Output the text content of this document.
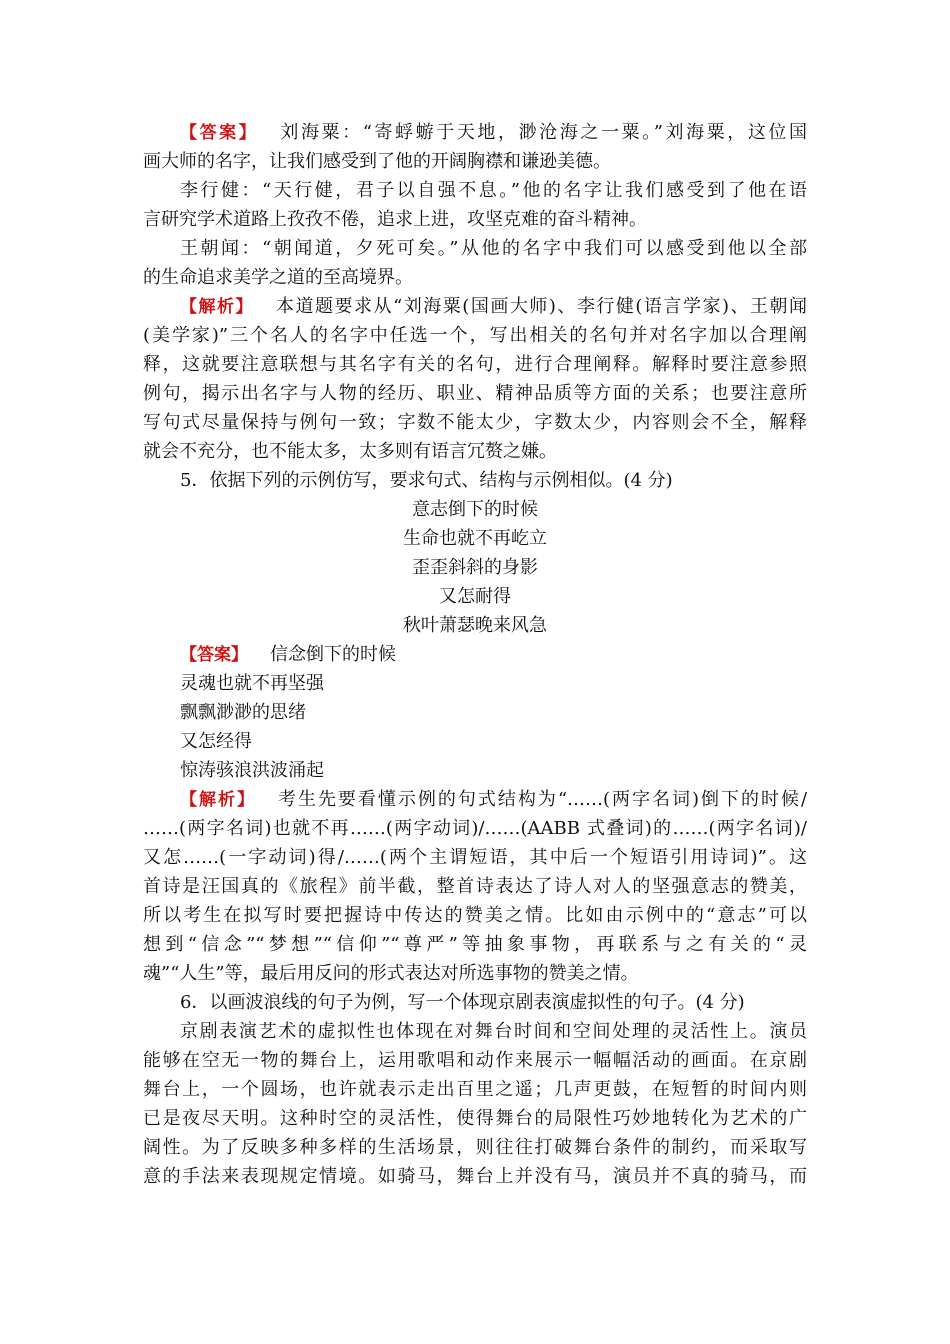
【答案】 刘海粟：“寄蜉蝣于天地，渺沧海之一粟。”刘海粟，这位国
画大师的名字，让我们感受到了他的开阔胸襟和谦逊美德。
李行健：“天行健，君子以自强不息。”他的名字让我们感受到了他在语
言研究学术道路上孜孜不倦，追求上进，攻坚克难的奋斗精神。
王朝闻：“朝闻道，夕死可矣。”从他的名字中我们可以感受到他以全部
的生命追求美学之道的至高境界。
【解析】 本道题要求从“刘海粟(国画大师)、李行健(语言学家)、王朝闻
(美学家)”三个名人的名字中任选一个，写出相关的名句并对名字加以合理阐
释，这就要注意联想与其名字有关的名句，进行合理阐释。解释时要注意参照
例句，揭示出名字与人物的经历、职业、精神品质等方面的关系；也要注意所
写句式尽量保持与例句一致；字数不能太少，字数太少，内容则会不全，解释
就会不充分，也不能太多，太多则有语言冗赘之嫌。
5．依据下列的示例仿写，要求句式、结构与示例相似。(4 分)
意志倒下的时候
生命也就不再屹立
歪歪斜斜的身影
又怎耐得
秋叶萧瑟晚来风急
【答案】 信念倒下的时候
灵魂也就不再坚强
飘飘渺渺的思绪
又怎经得
惊涛骇浪洪波涌起
【解析】 考生先要看懂示例的句式结构为“……(两字名词)倒下的时候/
……(两字名词)也就不再……(两字动词)/……(AABB 式叠词)的……(两字名词)/
又怎……(一字动词)得/……(两个主谓短语，其中后一个短语引用诗词)”。这
首诗是汪国真的《旅程》前半截，整首诗表达了诗人对人的坚强意志的赞美，
所以考生在拟写时要把握诗中传达的赞美之情。比如由示例中的“意志”可以
想到“信念”“梦想”“信仰”“尊严”等抽象事物，再联系与之有关的“灵
魂”“人生”等，最后用反问的形式表达对所选事物的赞美之情。
6．以画波浪线的句子为例，写一个体现京剧表演虚拟性的句子。(4 分)
京剧表演艺术的虚拟性也体现在对舞台时间和空间处理的灵活性上。演员
能够在空无一物的舞台上，运用歌唱和动作来展示一幅幅活动的画面。在京剧
舞台上，一个圆场，也许就表示走出百里之遥；几声更鼓，在短暂的时间内则
已是夜尽天明。这种时空的灵活性，使得舞台的局限性巧妙地转化为艺术的广
阔性。为了反映多种多样的生活场景，则往往打破舞台条件的制约，而采取写
意的手法来表现规定情境。如骑马，舞台上并没有马，演员并不真的骑马，而
